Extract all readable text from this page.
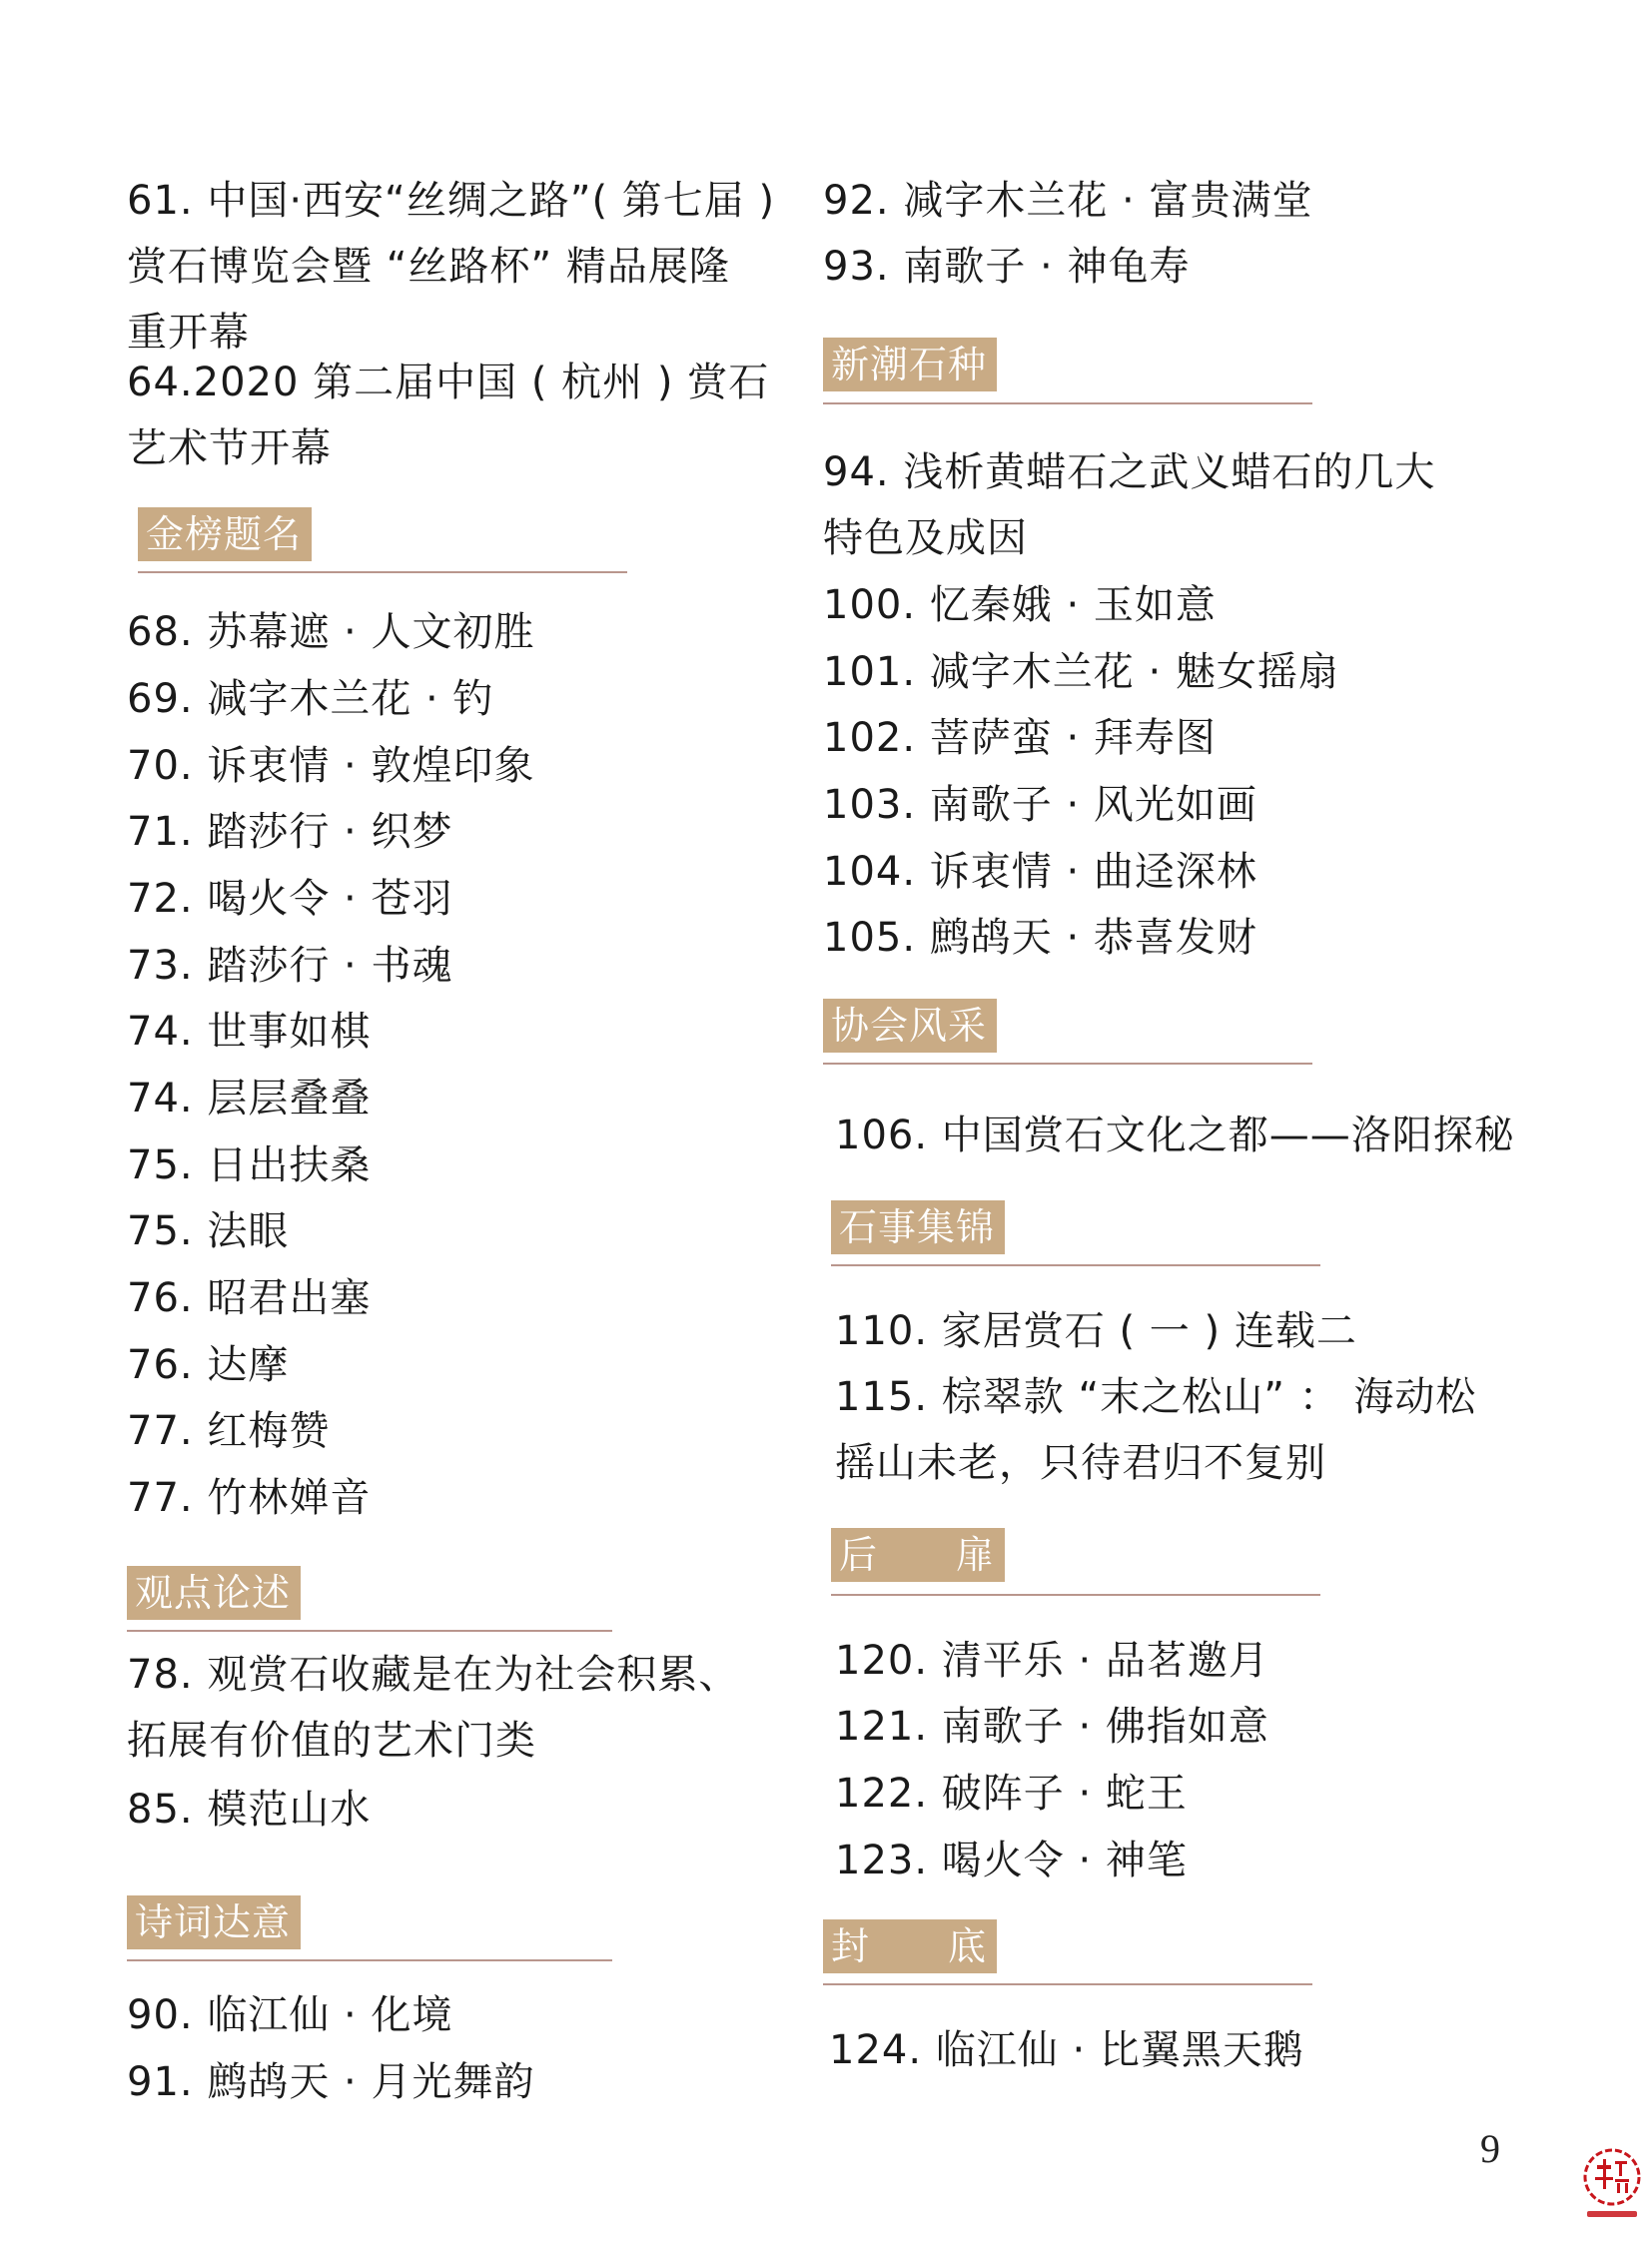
61. 中国·西安“丝绸之路”( 第七届 )
赏石博览会暨 “丝路杯” 精品展隆
重开幕

64.2020 第二届中国 ( 杭州 ) 赏石
艺术节开幕

金榜题名

68. 苏幕遮 · 人文初胜

69. 减字木兰花 · 钓

70. 诉衷情 · 敦煌印象

71. 踏莎行 · 织梦

72. 喝火令 · 苍羽

73. 踏莎行 · 书魂

74. 世事如棋

74. 层层叠叠

75. 日出扶桑

75. 法眼

76. 昭君出塞

76. 达摩

77. 红梅赞

77. 竹林婵音

观点论述

78. 观赏石收藏是在为社会积累、
拓展有价值的艺术门类

85. 模范山水

诗词达意

90. 临江仙 · 化境

91. 鹧鸪天 · 月光舞韵

92. 减字木兰花 · 富贵满堂

93. 南歌子 · 神龟寿

新潮石种

94. 浅析黄蜡石之武义蜡石的几大
特色及成因

100. 忆秦娥 · 玉如意

101. 减字木兰花 · 魅女摇扇

102. 菩萨蛮 · 拜寿图

103. 南歌子 · 风光如画

104. 诉衷情 · 曲迳深林

105. 鹧鸪天 · 恭喜发财

协会风采

106. 中国赏石文化之都——洛阳探秘

石事集锦

110. 家居赏石 ( 一 ) 连载二

115. 棕翠款 “末之松山” ： 海动松
摇山未老，只待君归不复别

后　　扉

120. 清平乐 · 品茗邀月

121. 南歌子 · 佛指如意

122. 破阵子 · 蛇王

123. 喝火令 · 神笔

封　　底

124. 临江仙 · 比翼黑天鹅

9
